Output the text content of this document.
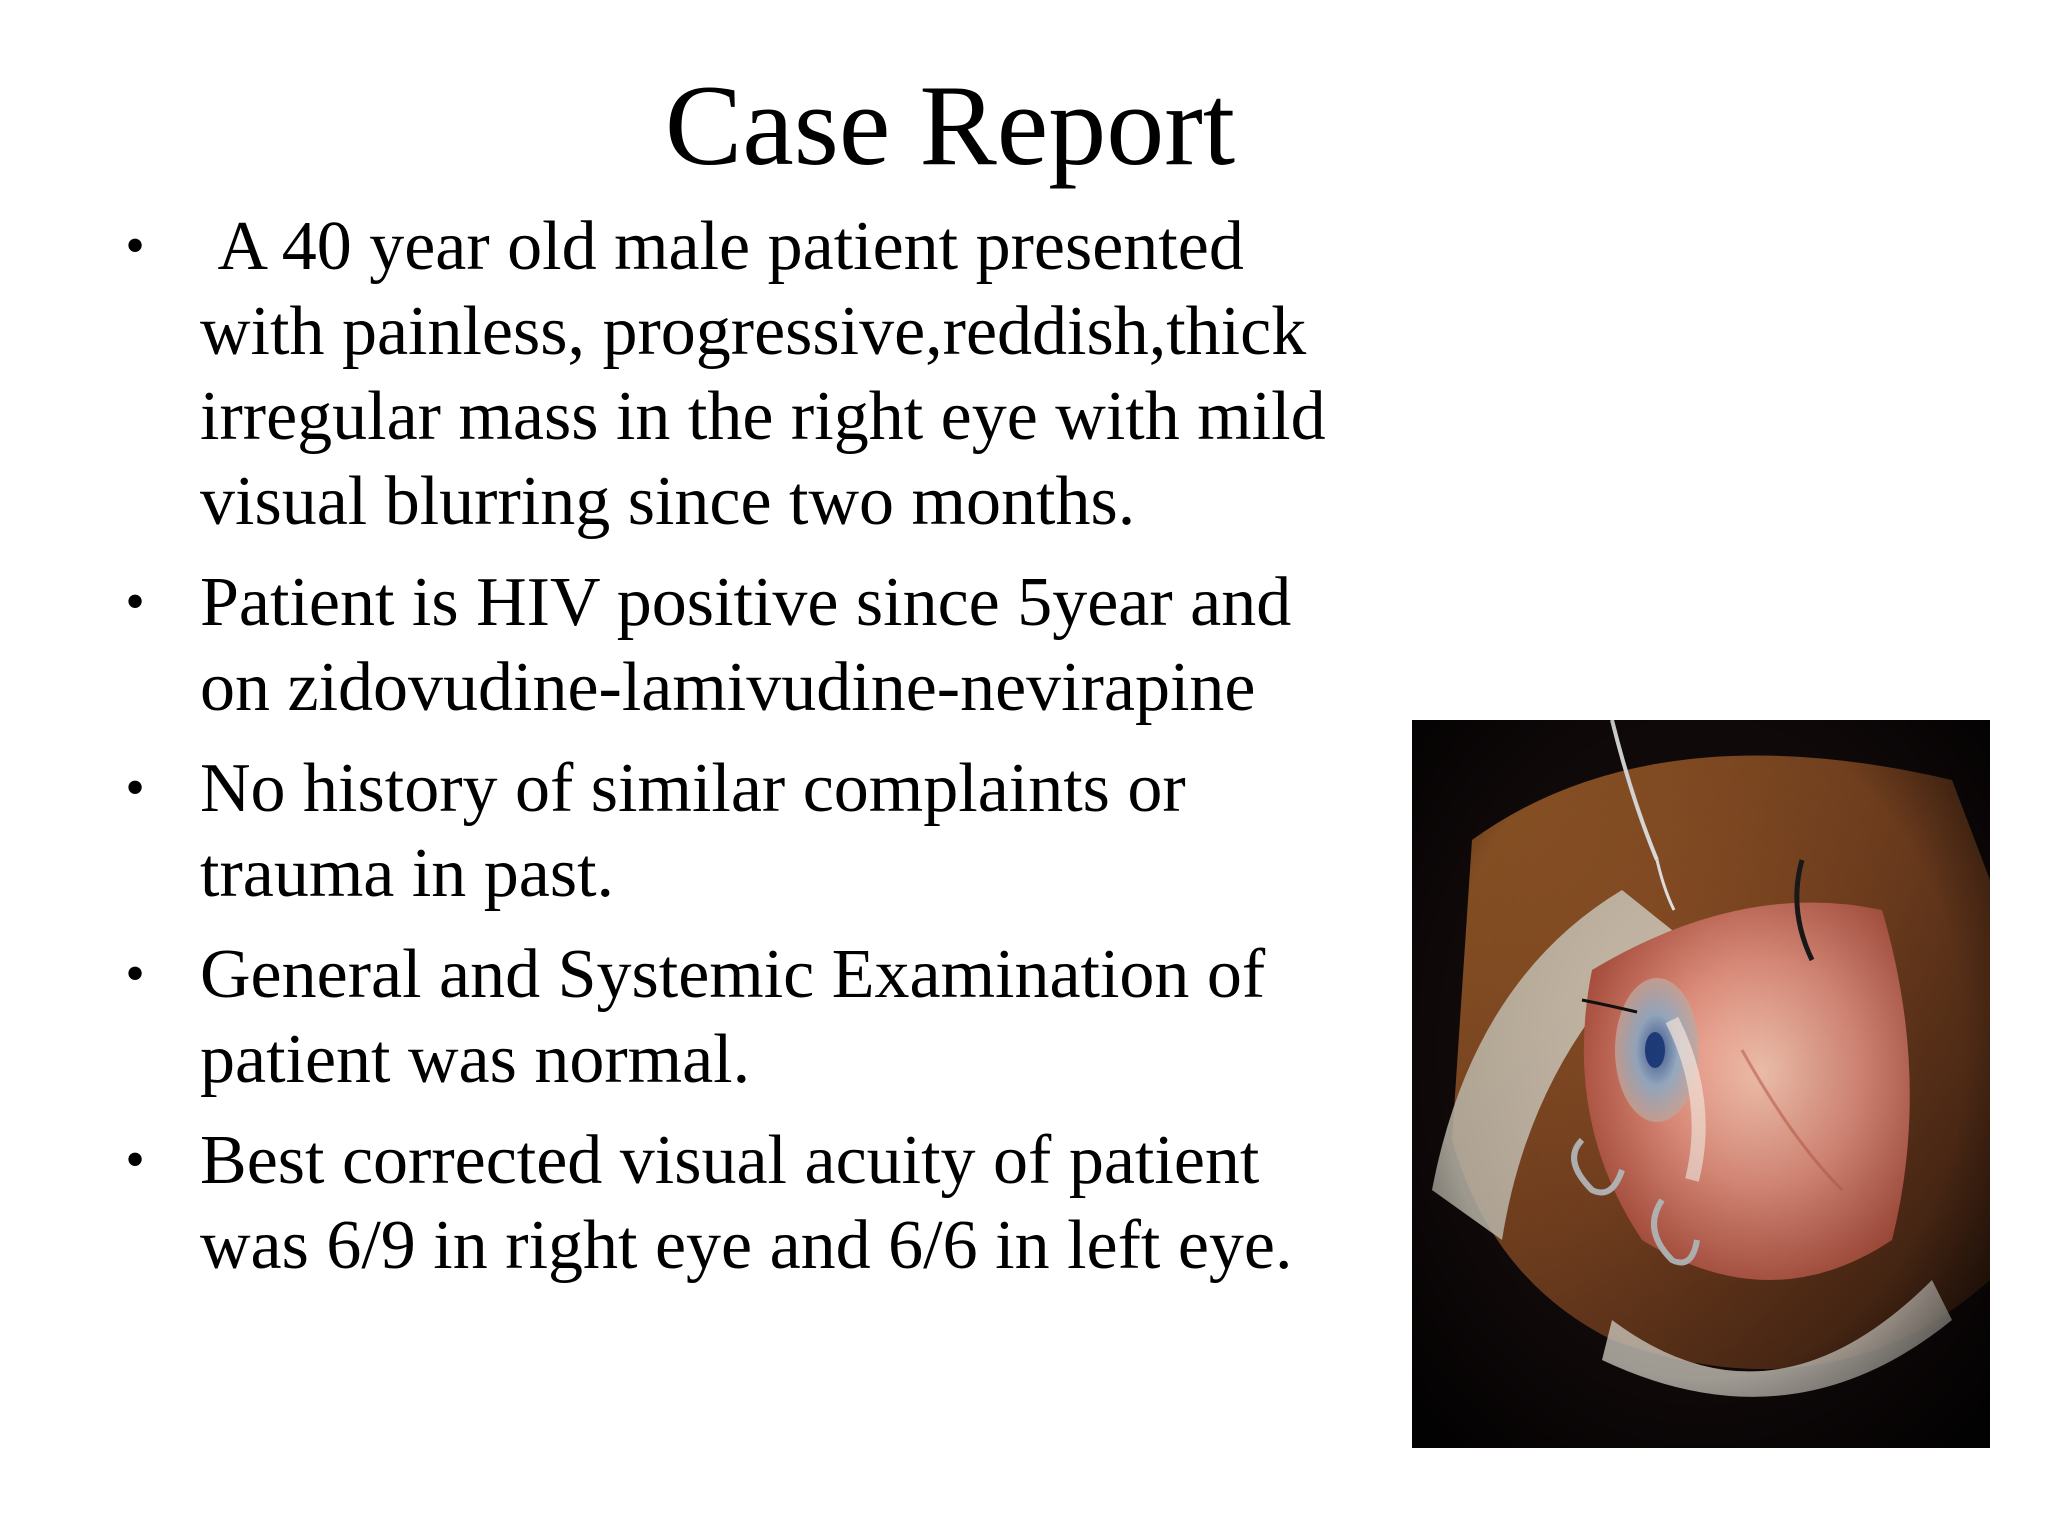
Case Report
• A 40 year old male patient presented with painless, progressive,reddish,thick irregular mass in the right eye with mild visual blurring since two months.
• Patient is HIV positive since 5year and on zidovudine-lamivudine-nevirapine
• No history of similar complaints or trauma in past.
• General and Systemic Examination of patient was normal.
• Best corrected visual acuity of patient was 6/9 in right eye and 6/6 in left eye.
